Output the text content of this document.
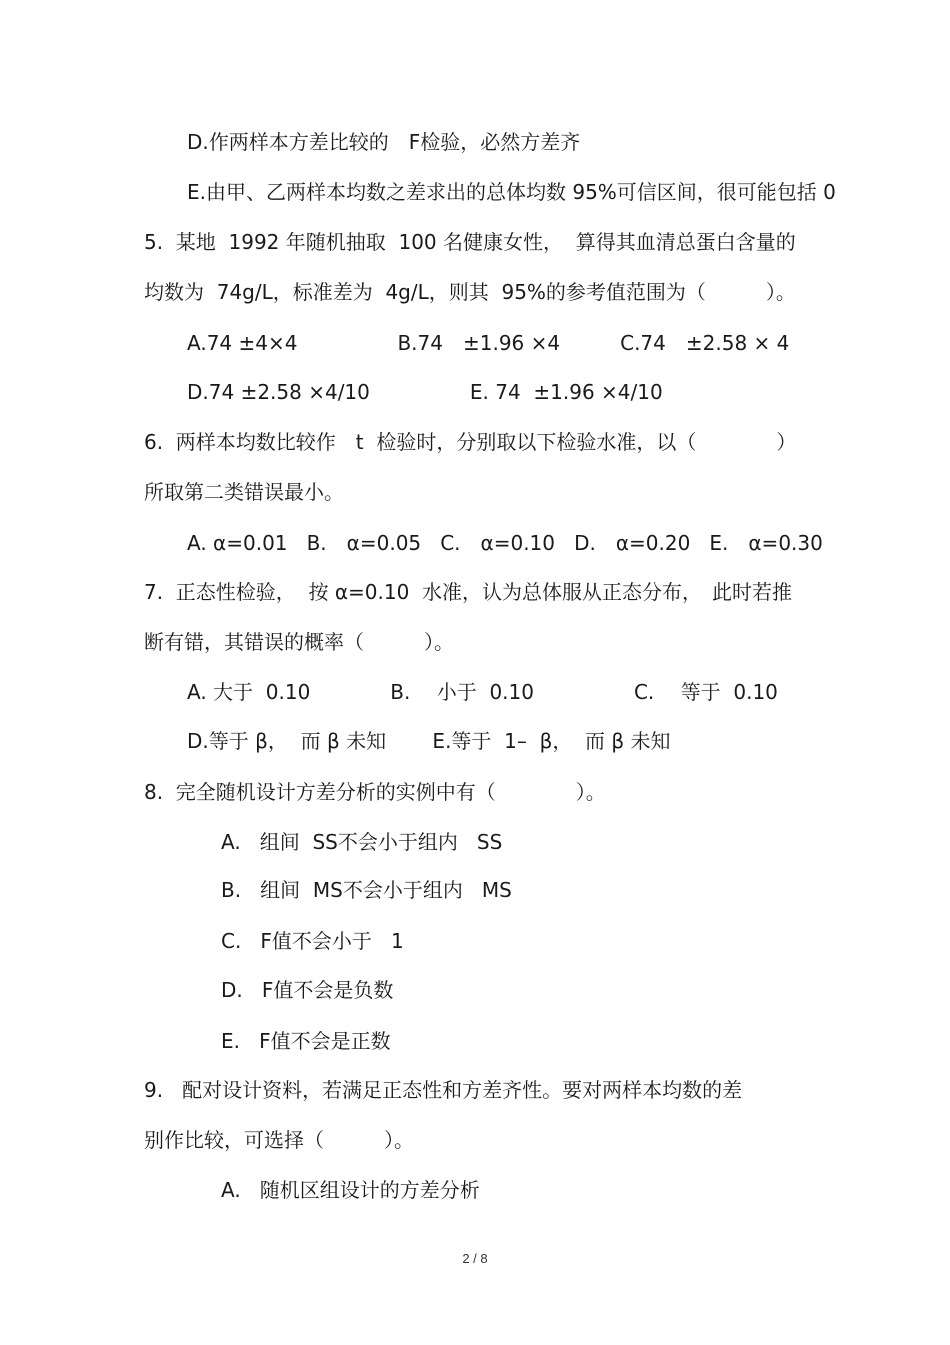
D.作两样本方差比较的　F检验，必然方差齐
E.由甲、乙两样本均数之差求出的总体均数 95%可信区间，很可能包括 0
5.  某地  1992 年随机抽取  100 名健康女性，  算得其血清总蛋白含量的
均数为  74g/L，标准差为  4g/L，则其  95%的参考值范围为（　　　）。
A.74 ±4×4　　　　　B.74　±1.96 ×4　　　C.74　±2.58 × 4
D.74 ±2.58 ×4/10　　　　　E. 74  ±1.96 ×4/10
6.  两样本均数比较作　t  检验时，分别取以下检验水准，以（　　　　）
所取第二类错误最小。
A. α=0.01   B.　α=0.05   C.　α=0.10   D.　α=0.20   E.　α=0.30
7.  正态性检验，  按 α=0.10  水准，认为总体服从正态分布，　此时若推
断有错，其错误的概率（　　　）。
A. 大于  0.10　　　　B.　 小于  0.10　　　　　C.　 等于  0.10
D.等于 β，  而 β 未知　　 E.等于  1–  β，  而 β 未知
8.  完全随机设计方差分析的实例中有（　　　　）。
A.   组间  SS不会小于组内   SS
B.   组间  MS不会小于组内   MS
C.   F值不会小于   1
D.   F值不会是负数
E.   F值不会是正数
9.   配对设计资料，若满足正态性和方差齐性。要对两样本均数的差
别作比较，可选择（　　　）。
A.   随机区组设计的方差分析
2 / 8
